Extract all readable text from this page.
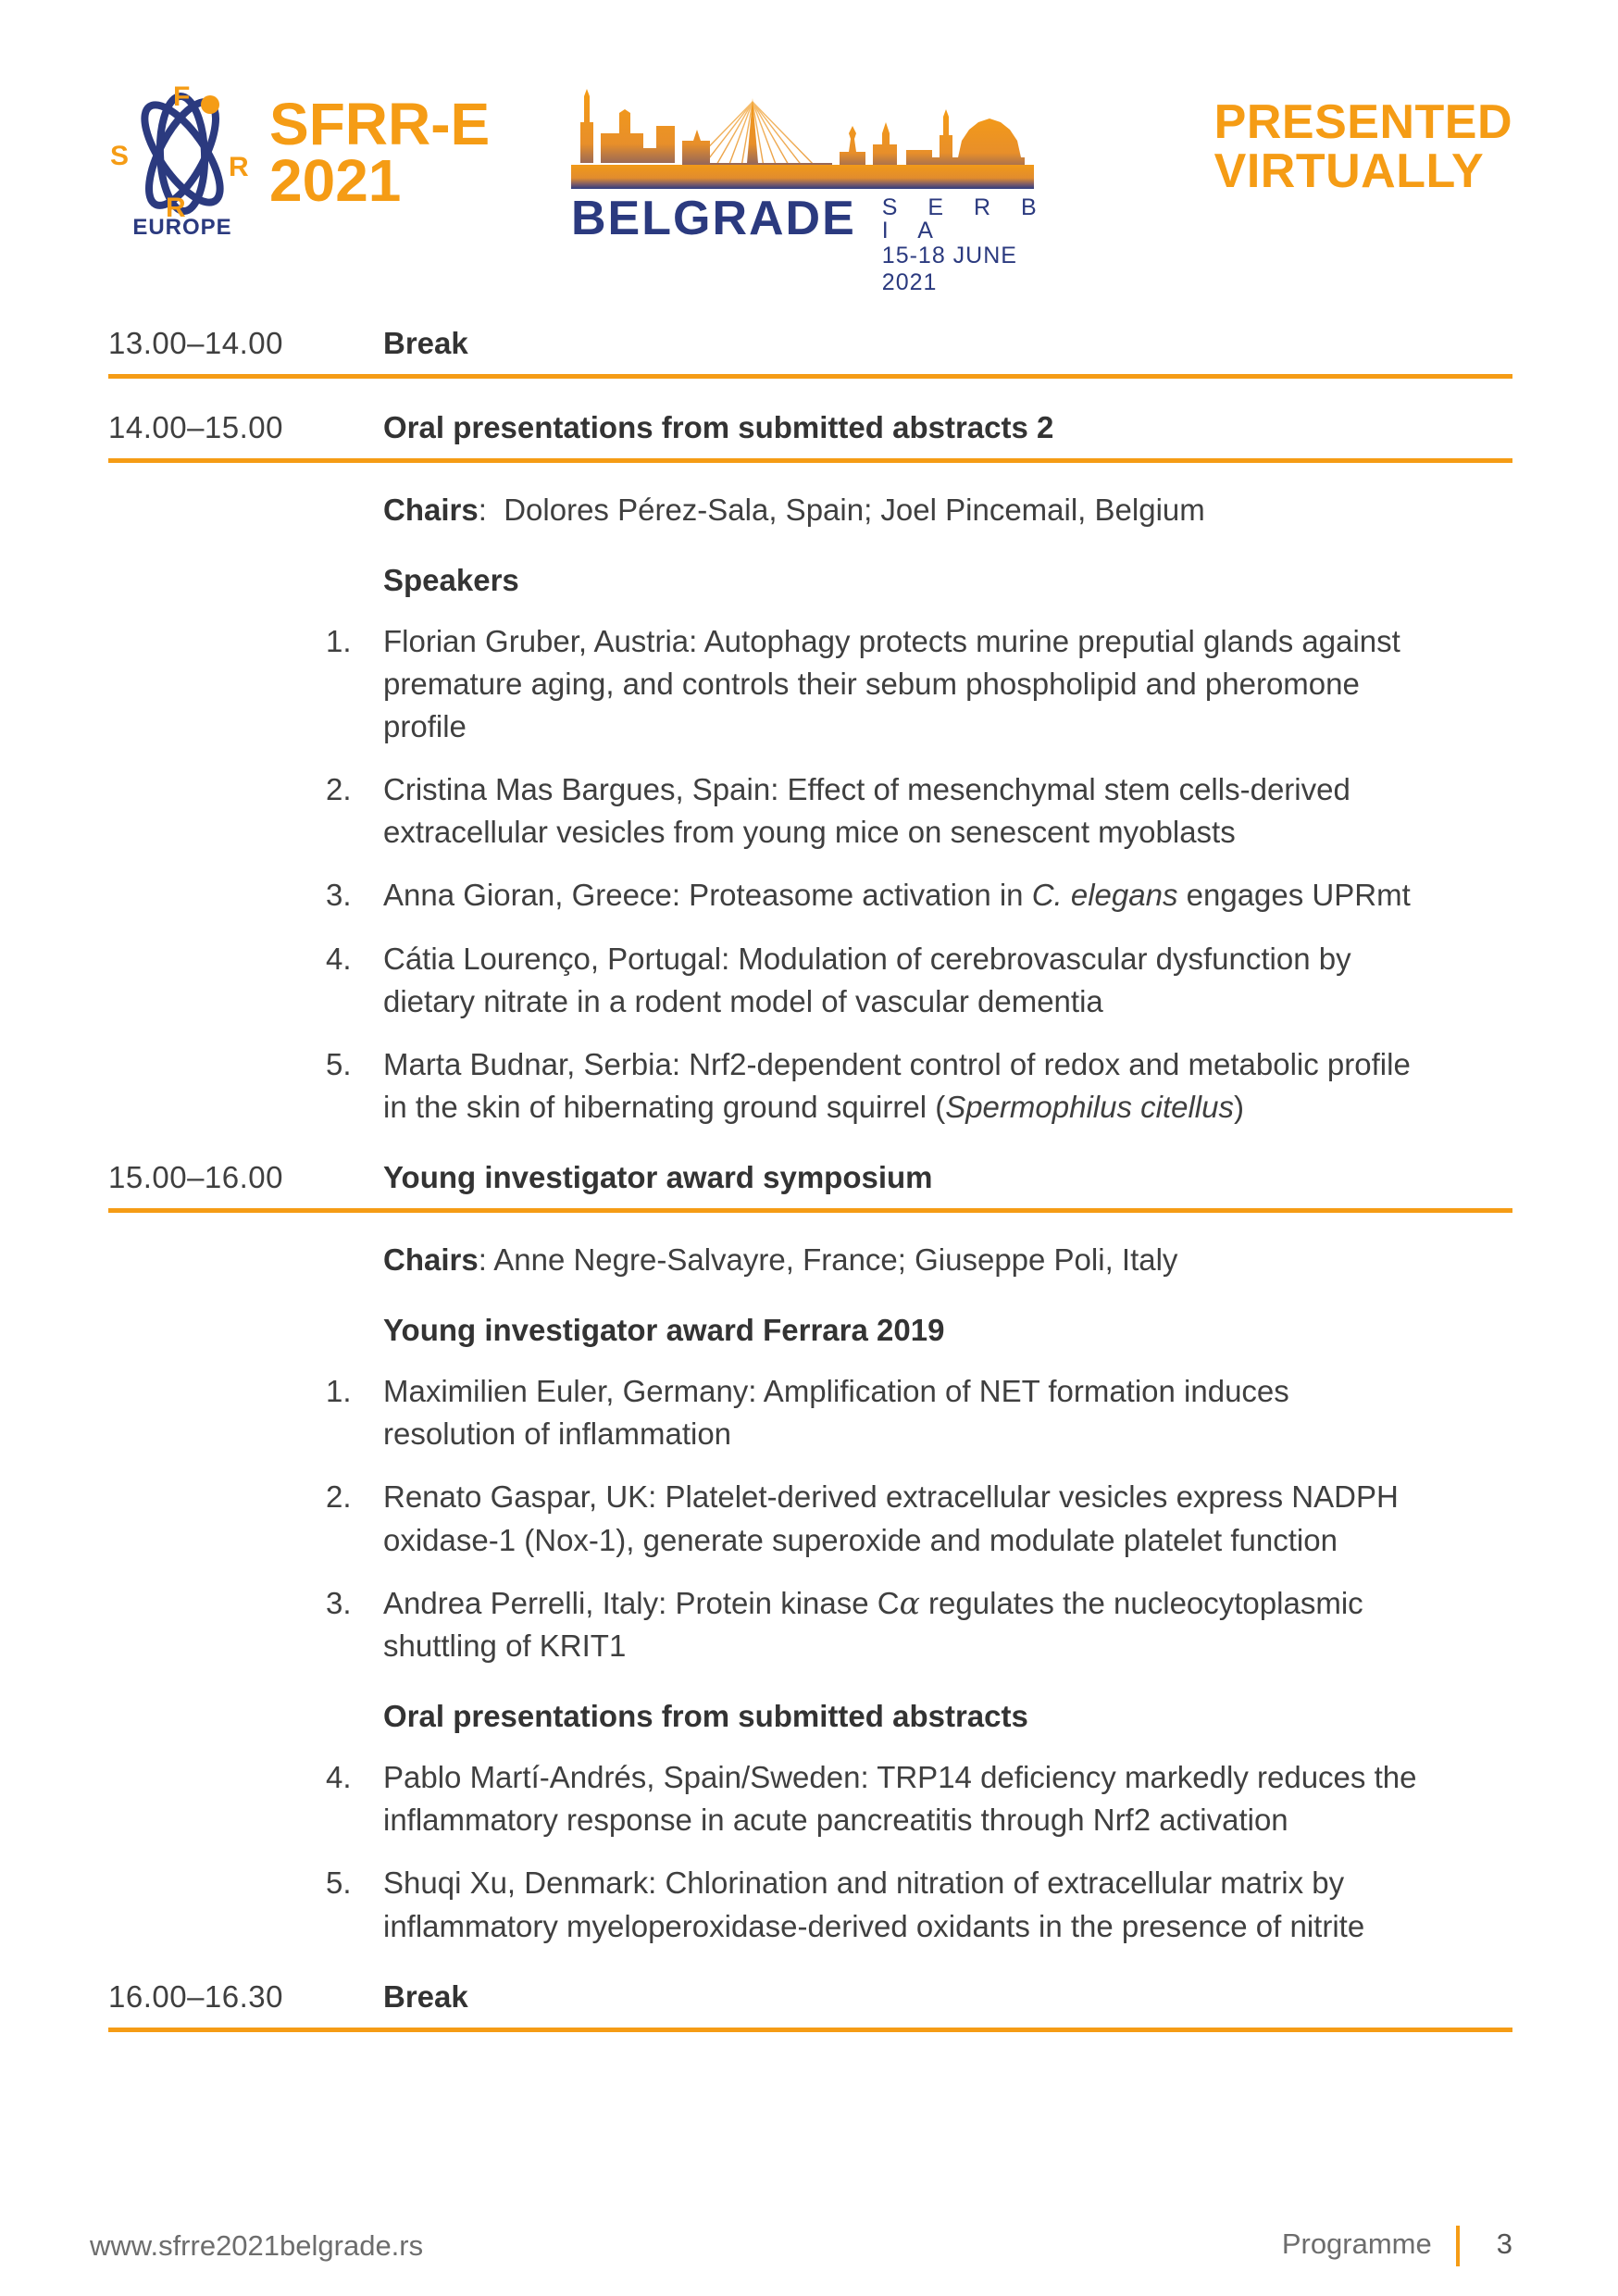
S
F
R
R
EUROPE
SFRR-E
2021
BELGRADE S E R B I A
15-18 JUNE 2021
PRESENTED
VIRTUALLY
13.00–14.00	Break
14.00–15.00	Oral presentations from submitted abstracts 2

Chairs:  Dolores Pérez-Sala, Spain; Joel Pincemail, Belgium

Speakers
1.	Florian Gruber, Austria: Autophagy protects murine preputial glands against premature aging, and controls their sebum phospholipid and pheromone profile
2.	Cristina Mas Bargues, Spain: Effect of mesenchymal stem cells-derived extracellular vesicles from young mice on senescent myoblasts
3.	Anna Gioran, Greece: Proteasome activation in C. elegans engages UPRmt
4.	Cátia Lourenço, Portugal: Modulation of cerebrovascular dysfunction by dietary nitrate in a rodent model of vascular dementia
5.	Marta Budnar, Serbia: Nrf2-dependent control of redox and metabolic profile in the skin of hibernating ground squirrel (Spermophilus citellus)
15.00–16.00	Young investigator award symposium

Chairs: Anne Negre-Salvayre, France; Giuseppe Poli, Italy

Young investigator award Ferrara 2019
1.	Maximilien Euler, Germany: Amplification of NET formation induces resolution of inflammation
2.	Renato Gaspar, UK: Platelet-derived extracellular vesicles express NADPH oxidase-1 (Nox-1), generate superoxide and modulate platelet function
3.	Andrea Perrelli, Italy: Protein kinase Cα regulates the nucleocytoplasmic shuttling of KRIT1
Oral presentations from submitted abstracts
4.	Pablo Martí-Andrés, Spain/Sweden: TRP14 deficiency markedly reduces the inflammatory response in acute pancreatitis through Nrf2 activation
5.	Shuqi Xu, Denmark: Chlorination and nitration of extracellular matrix by inflammatory myeloperoxidase-derived oxidants in the presence of nitrite
16.00–16.30	Break
www.sfrre2021belgrade.rs	Programme 3
